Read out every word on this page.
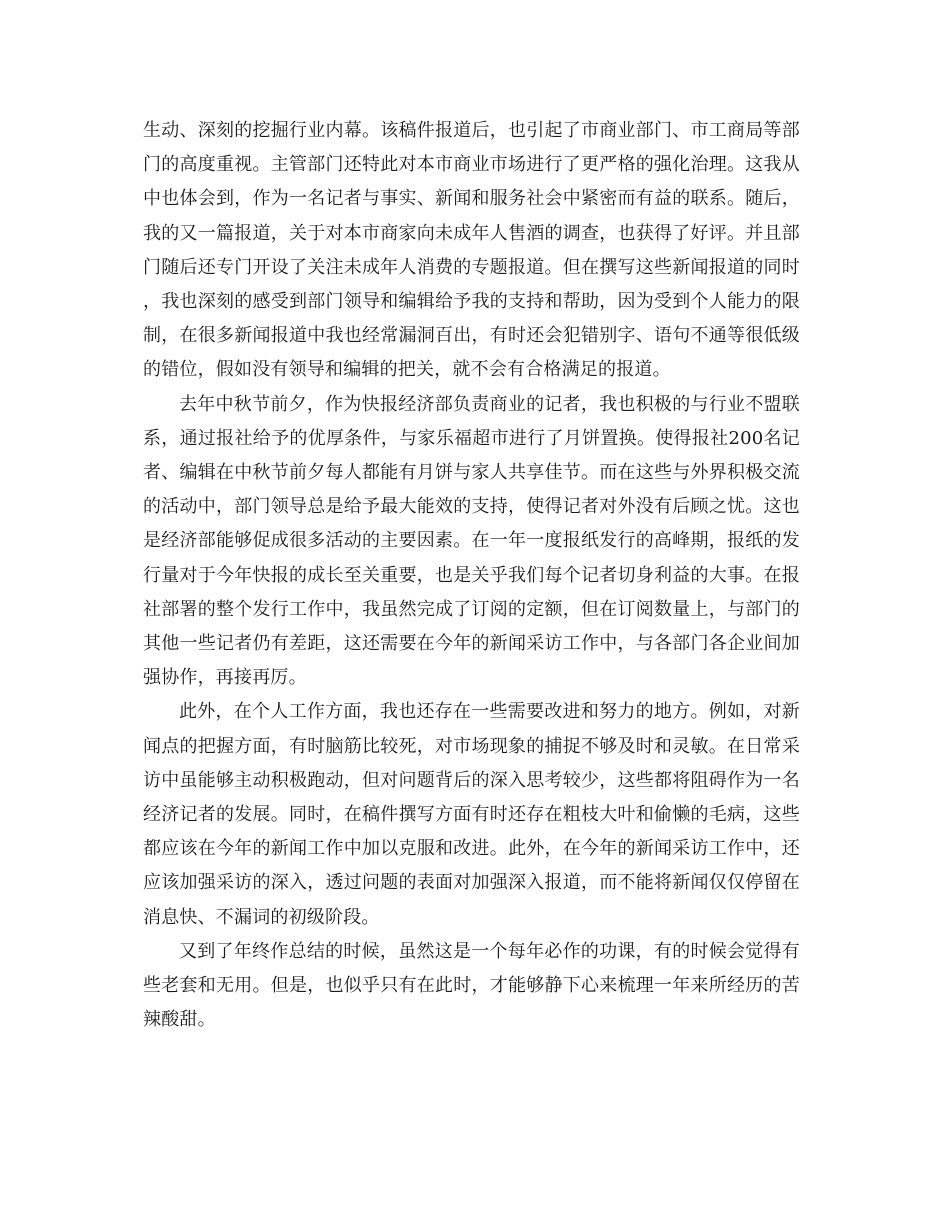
生动、深刻的挖掘行业内幕。该稿件报道后，也引起了市商业部门、市工商局等部门的高度重视。主管部门还特此对本市商业市场进行了更严格的强化治理。这我从中也体会到，作为一名记者与事实、新闻和服务社会中紧密而有益的联系。随后，我的又一篇报道，关于对本市商家向未成年人售酒的调查，也获得了好评。并且部门随后还专门开设了关注未成年人消费的专题报道。但在撰写这些新闻报道的同时，我也深刻的感受到部门领导和编辑给予我的支持和帮助，因为受到个人能力的限制，在很多新闻报道中我也经常漏洞百出，有时还会犯错别字、语句不通等很低级的错位，假如没有领导和编辑的把关，就不会有合格满足的报道。

去年中秋节前夕，作为快报经济部负责商业的记者，我也积极的与行业不盟联系，通过报社给予的优厚条件，与家乐福超市进行了月饼置换。使得报社200名记者、编辑在中秋节前夕每人都能有月饼与家人共享佳节。而在这些与外界积极交流的活动中，部门领导总是给予最大能效的支持，使得记者对外没有后顾之忧。这也是经济部能够促成很多活动的主要因素。在一年一度报纸发行的高峰期，报纸的发行量对于今年快报的成长至关重要，也是关乎我们每个记者切身利益的大事。在报社部署的整个发行工作中，我虽然完成了订阅的定额，但在订阅数量上，与部门的其他一些记者仍有差距，这还需要在今年的新闻采访工作中，与各部门各企业间加强协作，再接再厉。

此外，在个人工作方面，我也还存在一些需要改进和努力的地方。例如，对新闻点的把握方面，有时脑筋比较死，对市场现象的捕捉不够及时和灵敏。在日常采访中虽能够主动积极跑动，但对问题背后的深入思考较少，这些都将阻碍作为一名经济记者的发展。同时，在稿件撰写方面有时还存在粗枝大叶和偷懒的毛病，这些都应该在今年的新闻工作中加以克服和改进。此外，在今年的新闻采访工作中，还应该加强采访的深入，透过问题的表面对加强深入报道，而不能将新闻仅仅停留在消息快、不漏词的初级阶段。

又到了年终作总结的时候，虽然这是一个每年必作的功课，有的时候会觉得有些老套和无用。但是，也似乎只有在此时，才能够静下心来梳理一年来所经历的苦辣酸甜。
